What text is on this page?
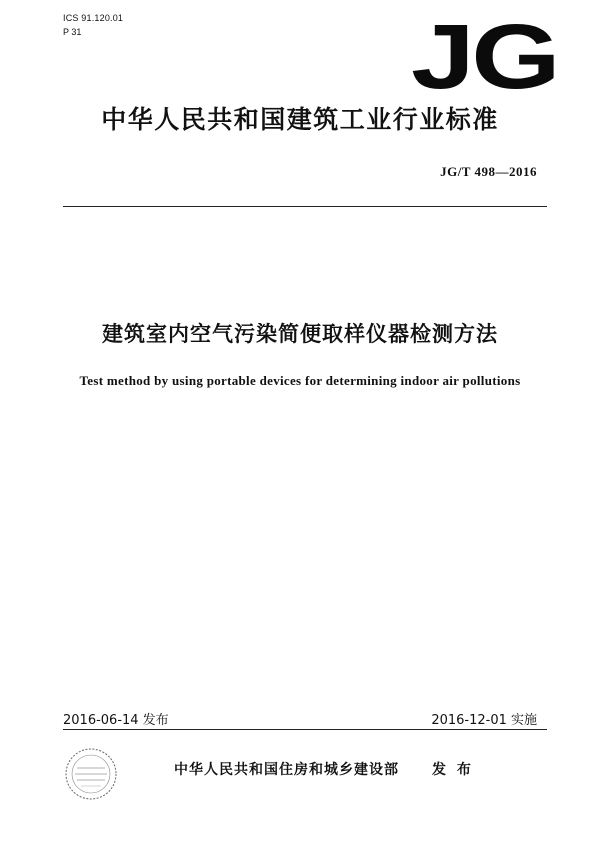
ICS 91.120.01
P 31	JG
中华人民共和国建筑工业行业标准
JG/T 498—2016
建筑室内空气污染简便取样仪器检测方法
Test method by using portable devices for determining indoor air pollutions
2016-06-14 发布	2016-12-01 实施
中华人民共和国住房和城乡建设部 发 布
